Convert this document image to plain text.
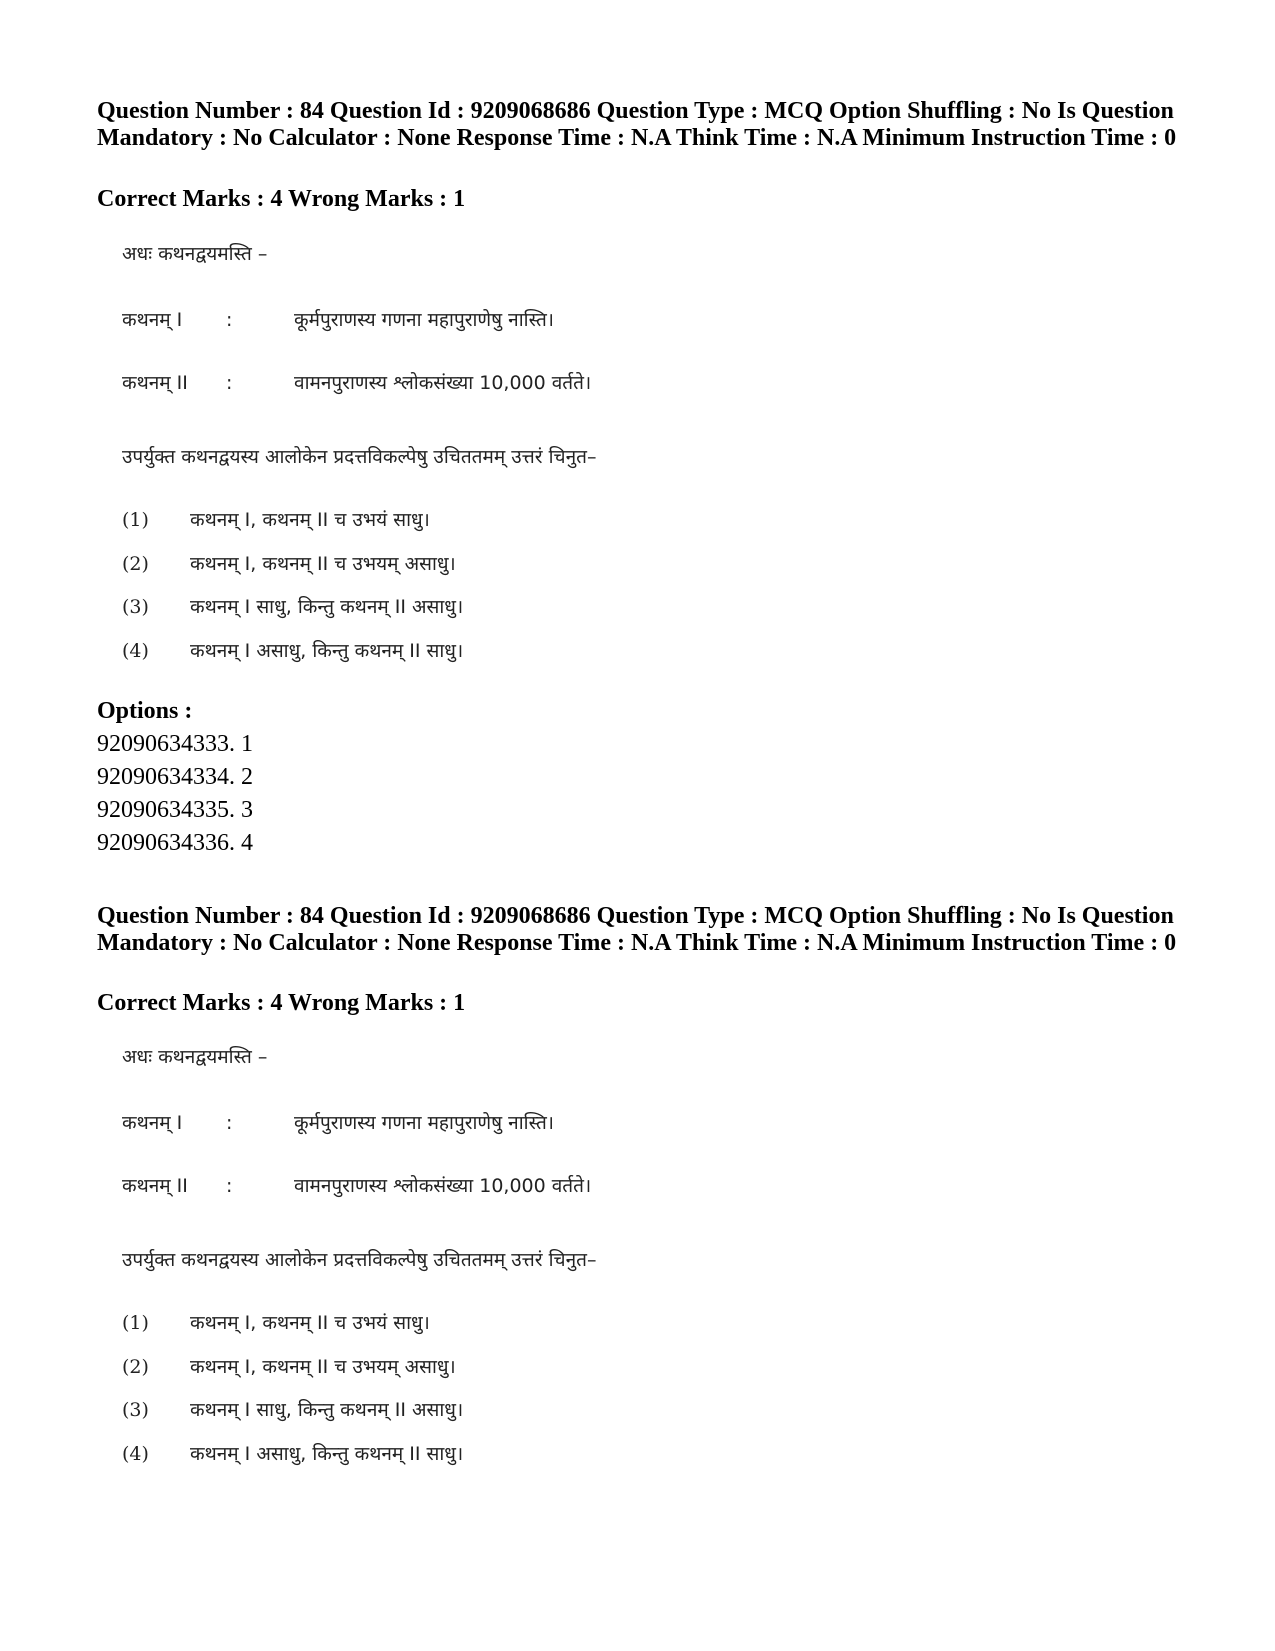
Question Number : 84 Question Id : 9209068686 Question Type : MCQ Option Shuffling : No Is Question Mandatory : No Calculator : None Response Time : N.A Think Time : N.A Minimum Instruction Time : 0
Correct Marks : 4 Wrong Marks : 1
अधः कथनद्वयमस्ति –
कथनम् I :	कूर्मपुराणस्य गणना महापुराणेषु नास्ति।
कथनम् II :	वामनपुराणस्य श्लोकसंख्या 10,000 वर्तते।
उपर्युक्त कथनद्वयस्य आलोकेन प्रदत्तविकल्पेषु उचिततमम् उत्तरं चिनुत–
(1) कथनम् I, कथनम् II च उभयं साधु।
(2) कथनम् I, कथनम् II च उभयम् असाधु।
(3) कथनम् I साधु, किन्तु कथनम् II असाधु।
(4) कथनम् I असाधु, किन्तु कथनम् II साधु।
Options :
92090634333. 1
92090634334. 2
92090634335. 3
92090634336. 4
Question Number : 84 Question Id : 9209068686 Question Type : MCQ Option Shuffling : No Is Question Mandatory : No Calculator : None Response Time : N.A Think Time : N.A Minimum Instruction Time : 0
Correct Marks : 4 Wrong Marks : 1
अधः कथनद्वयमस्ति –
कथनम् I :	कूर्मपुराणस्य गणना महापुराणेषु नास्ति।
कथनम् II :	वामनपुराणस्य श्लोकसंख्या 10,000 वर्तते।
उपर्युक्त कथनद्वयस्य आलोकेन प्रदत्तविकल्पेषु उचिततमम् उत्तरं चिनुत–
(1) कथनम् I, कथनम् II च उभयं साधु।
(2) कथनम् I, कथनम् II च उभयम् असाधु।
(3) कथनम् I साधु, किन्तु कथनम् II असाधु।
(4) कथनम् I असाधु, किन्तु कथनम् II साधु।
